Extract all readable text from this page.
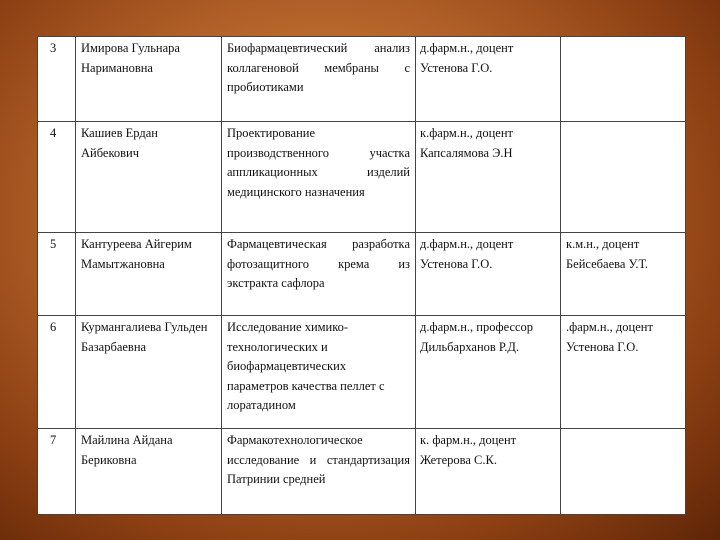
3	Имирова Гульнара Наримановна	Биофармацевтический анализ коллагеновой мембраны с пробиотиками	д.фарм.н., доцент Устенова Г.О.	
4	Кашиев Ердан Айбекович	Проектирование производственного участка аппликационных изделий медицинского назначения	к.фарм.н., доцент Капсалямова Э.Н	
5	Кантуреева Айгерим Мамытжановна	Фармацевтическая разработка фотозащитного крема из экстракта сафлора	д.фарм.н., доцент Устенова Г.О.	к.м.н., доцент Бейсебаева У.Т.
6	Курмангалиева Гульден Базарбаевна	Исследование химико-технологических и биофармацевтических параметров качества пеллет с лоратадином	д.фарм.н., профессор Дильбарханов Р.Д.	.фарм.н., доцент Устенова Г.О.
7	Майлина Айдана Бериковна	Фармакотехнологическое исследование и стандартизация Патринии средней	к. фарм.н., доцент Жетерова С.К.	
